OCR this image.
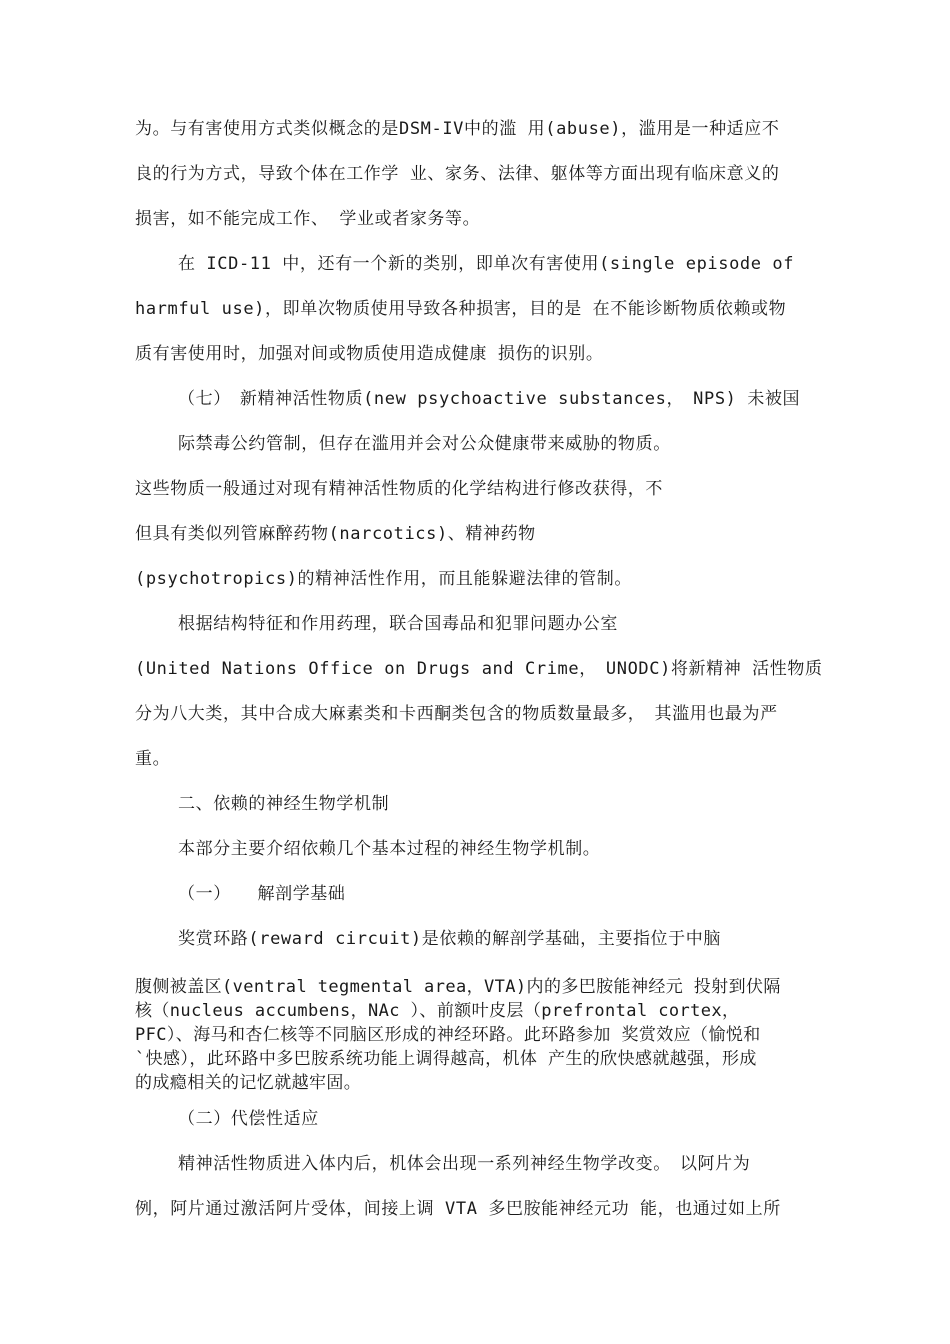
为。与有害使用方式类似概念的是DSM-IV中的滥 用(abuse)，滥用是一种适应不

良的行为方式，导致个体在工作学 业、家务、法律、躯体等方面出现有临床意义的

损害，如不能完成工作、 学业或者家务等。

在 ICD-11 中，还有一个新的类别，即单次有害使用(single episode of

harmful use)，即单次物质使用导致各种损害，目的是 在不能诊断物质依赖或物

质有害使用时，加强对间或物质使用造成健康 损伤的识别。

（七）　新精神活性物质(new psychoactive substances，　NPS) 未被国

际禁毒公约管制，但存在滥用并会对公众健康带来威胁的物质。

这些物质一般通过对现有精神活性物质的化学结构进行修改获得，不

但具有类似列管麻醉药物(narcotics)、精神药物

(psychotropics)的精神活性作用，而且能躲避法律的管制。

根据结构特征和作用药理，联合国毒品和犯罪问题办公室

(United Nations Office on Drugs and Crime，　UNODC)将新精神 活性物质

分为八大类，其中合成大麻素类和卡西酮类包含的物质数量最多，　其滥用也最为严

重。

二、依赖的神经生物学机制

本部分主要介绍依赖几个基本过程的神经生物学机制。

（一）　　解剖学基础

奖赏环路(reward circuit)是依赖的解剖学基础，主要指位于中脑

腹侧被盖区(ventral tegmental area，VTA)内的多巴胺能神经元 投射到伏隔

核（nucleus accumbens，NAc ）、前额叶皮层（prefrontal cortex，

PFC）、海马和杏仁核等不同脑区形成的神经环路。此环路参加 奖赏效应（愉悦和

`快感），此环路中多巴胺系统功能上调得越高，机体 产生的欣快感就越强，形成

的成瘾相关的记忆就越牢固。

（二）代偿性适应

精神活性物质进入体内后，机体会出现一系列神经生物学改变。　以阿片为

例，阿片通过激活阿片受体，间接上调 VTA 多巴胺能神经元功 能，也通过如上所
